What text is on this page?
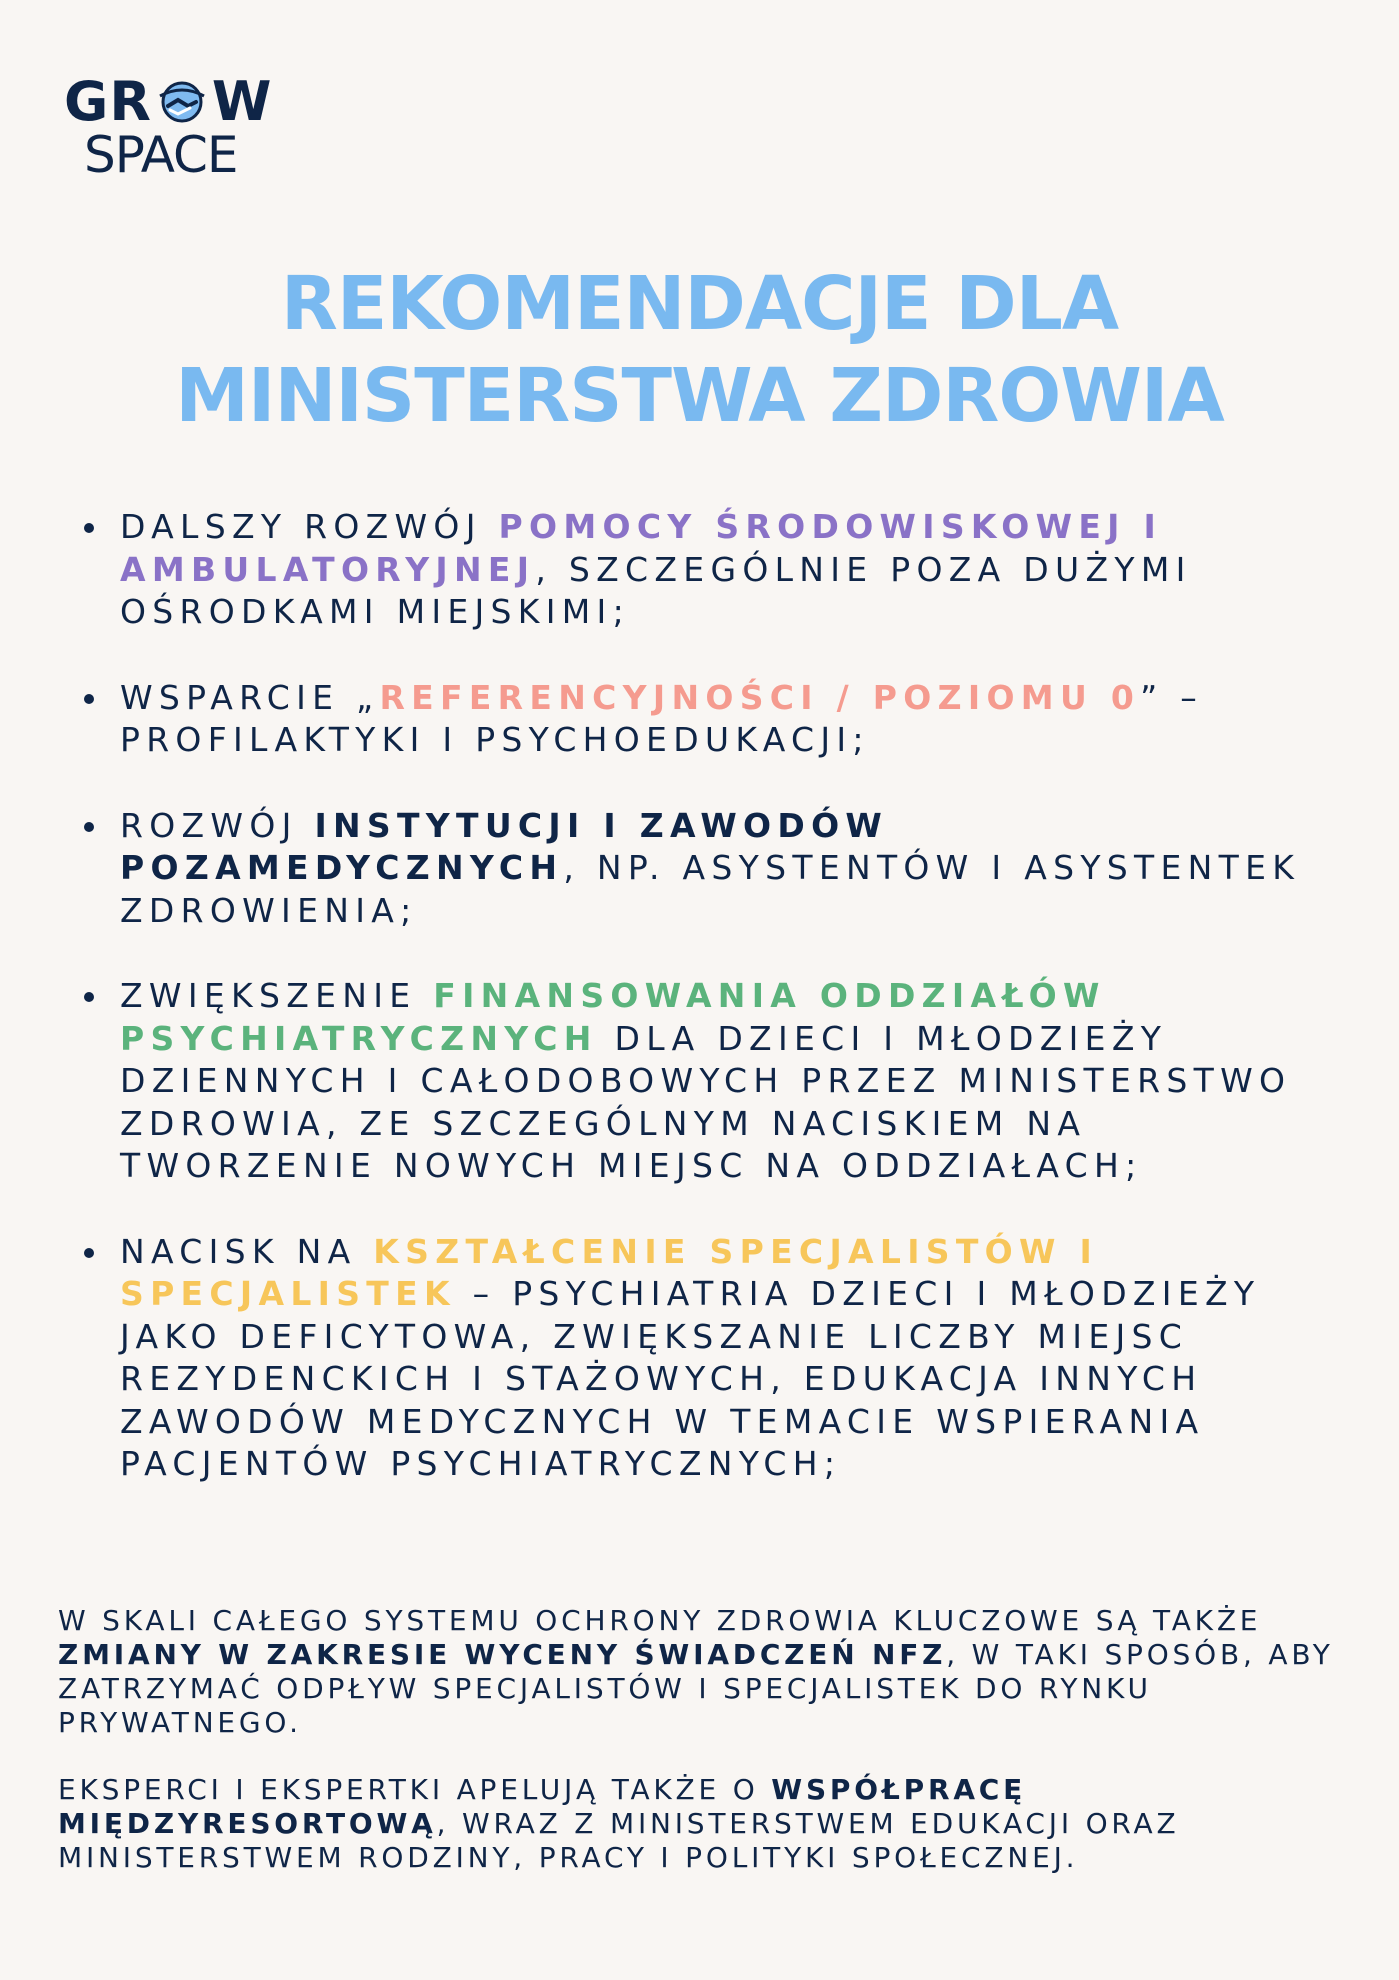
GR W
SPACE
REKOMENDACJE DLA
MINISTERSTWA ZDROWIA
DALSZY ROZWÓJ POMOCY ŚRODOWISKOWEJ I AMBULATORYJNEJ, SZCZEGÓLNIE POZA DUŻYMI OŚRODKAMI MIEJSKIMI;
WSPARCIE „REFERENCYJNOŚCI / POZIOMU 0” – PROFILAKTYKI I PSYCHOEDUKACJI;
ROZWÓJ INSTYTUCJI I ZAWODÓW POZAMEDYCZNYCH, NP. ASYSTENTÓW I ASYSTENTEK ZDROWIENIA;
ZWIĘKSZENIE FINANSOWANIA ODDZIAŁÓW PSYCHIATRYCZNYCH DLA DZIECI I MŁODZIEŻY DZIENNYCH I CAŁODOBOWYCH PRZEZ MINISTERSTWO ZDROWIA, ZE SZCZEGÓLNYM NACISKIEM NA TWORZENIE NOWYCH MIEJSC NA ODDZIAŁACH;
NACISK NA KSZTAŁCENIE SPECJALISTÓW I SPECJALISTEK – PSYCHIATRIA DZIECI I MŁODZIEŻY JAKO DEFICYTOWA, ZWIĘKSZANIE LICZBY MIEJSC REZYDENCKICH I STAŻOWYCH, EDUKACJA INNYCH ZAWODÓW MEDYCZNYCH W TEMACIE WSPIERANIA PACJENTÓW PSYCHIATRYCZNYCH;
W SKALI CAŁEGO SYSTEMU OCHRONY ZDROWIA KLUCZOWE SĄ TAKŻE ZMIANY W ZAKRESIE WYCENY ŚWIADCZEŃ NFZ, W TAKI SPOSÓB, ABY ZATRZYMAĆ ODPŁYW SPECJALISTÓW I SPECJALISTEK DO RYNKU PRYWATNEGO.
EKSPERCI I EKSPERTKI APELUJĄ TAKŻE O WSPÓŁPRACĘ MIĘDZYRESORTOWĄ, WRAZ Z MINISTERSTWEM EDUKACJI ORAZ MINISTERSTWEM RODZINY, PRACY I POLITYKI SPOŁECZNEJ.
